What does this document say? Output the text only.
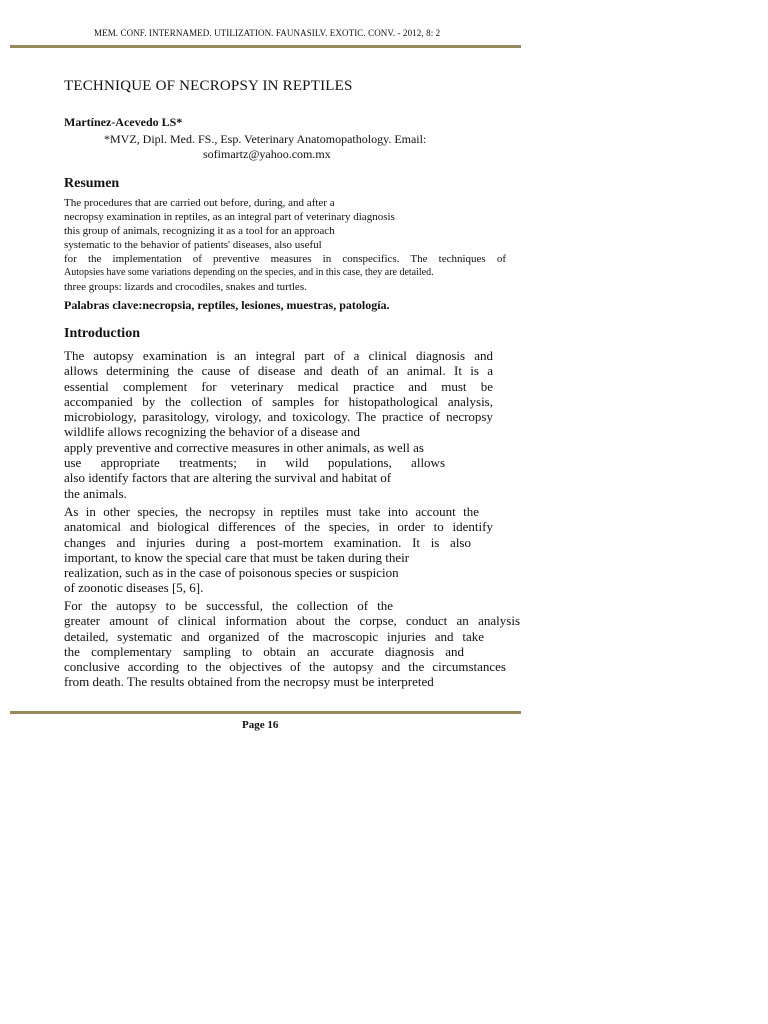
MEM. CONF. INTERNAMED. UTILIZATION. FAUNASILV. EXOTIC. CONV. - 2012, 8: 2
TECHNIQUE OF NECROPSY IN REPTILES
Martínez-Acevedo LS*
*MVZ, Dipl. Med. FS., Esp. Veterinary Anatomopathology. Email:
sofimartz@yahoo.com.mx
Resumen
The procedures that are carried out before, during, and after a
necropsy examination in reptiles, as an integral part of veterinary diagnosis
this group of animals, recognizing it as a tool for an approach
systematic to the behavior of patients' diseases, also useful
for the implementation of preventive measures in conspecifics. The techniques of
Autopsies have some variations depending on the species, and in this case, they are detailed.
three groups: lizards and crocodiles, snakes and turtles.
Palabras clave:necropsia, reptiles, lesiones, muestras, patología.
Introduction
The autopsy examination is an integral part of a clinical diagnosis and
allows determining the cause of disease and death of an animal. It is a
essential complement for veterinary medical practice and must be
accompanied by the collection of samples for histopathological analysis,
microbiology, parasitology, virology, and toxicology. The practice of necropsy
wildlife allows recognizing the behavior of a disease and
apply preventive and corrective measures in other animals, as well as
use appropriate treatments; in wild populations, allows
also identify factors that are altering the survival and habitat of
the animals.
As in other species, the necropsy in reptiles must take into account the
anatomical and biological differences of the species, in order to identify
changes and injuries during a post-mortem examination. It is also
important, to know the special care that must be taken during their
realization, such as in the case of poisonous species or suspicion
of zoonotic diseases [5, 6].
For the autopsy to be successful, the collection of the
greater amount of clinical information about the corpse, conduct an analysis
detailed, systematic and organized of the macroscopic injuries and take
the complementary sampling to obtain an accurate diagnosis and
conclusive according to the objectives of the autopsy and the circumstances
from death. The results obtained from the necropsy must be interpreted
Page 16
